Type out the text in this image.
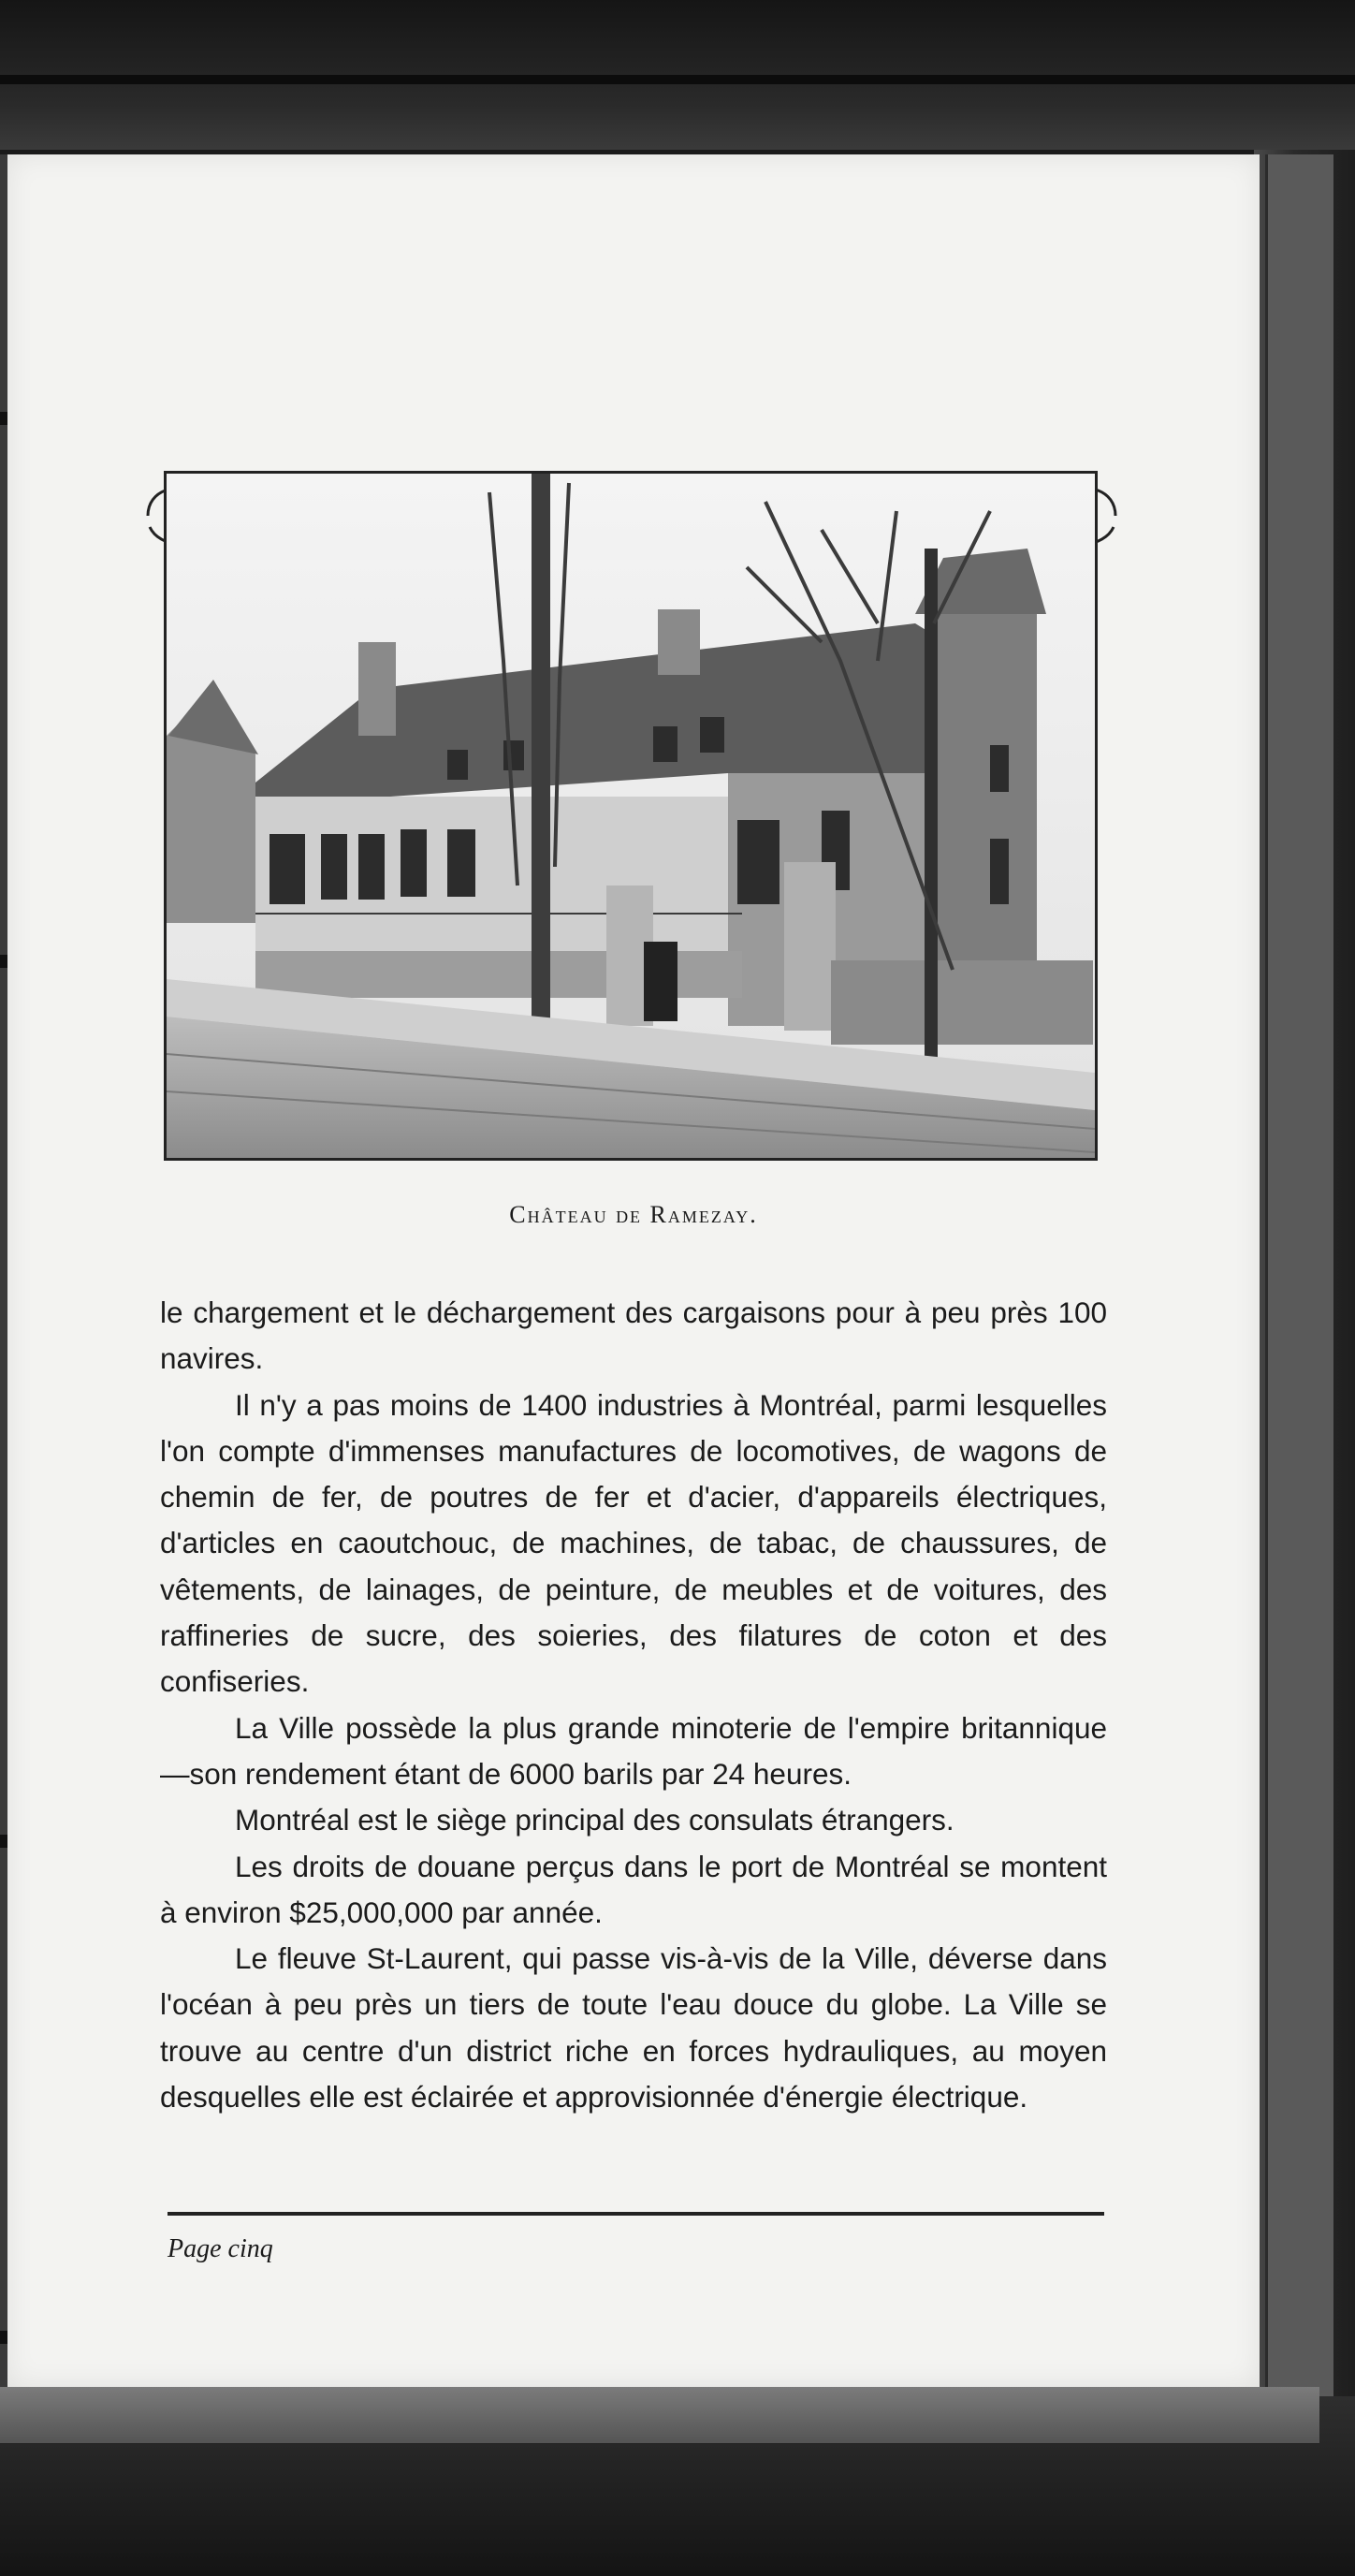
Château de Ramezay.

le chargement et le déchargement des cargaisons pour à peu près 100 navires.

Il n'y a pas moins de 1400 industries à Montréal, parmi lesquelles l'on compte d'immenses manufactures de locomotives, de wagons de chemin de fer, de poutres de fer et d'acier, d'appareils électriques, d'articles en caoutchouc, de machines, de tabac, de chaussures, de vêtements, de lainages, de peinture, de meubles et de voitures, des raffineries de sucre, des soieries, des filatures de coton et des confiseries.

La Ville possède la plus grande minoterie de l'empire britannique—son rendement étant de 6000 barils par 24 heures.

Montréal est le siège principal des consulats étrangers.

Les droits de douane perçus dans le port de Montréal se montent à environ $25,000,000 par année.

Le fleuve St-Laurent, qui passe vis-à-vis de la Ville, déverse dans l'océan à peu près un tiers de toute l'eau douce du globe. La Ville se trouve au centre d'un district riche en forces hydrauliques, au moyen desquelles elle est éclairée et approvisionnée d'énergie électrique.

Page cinq
